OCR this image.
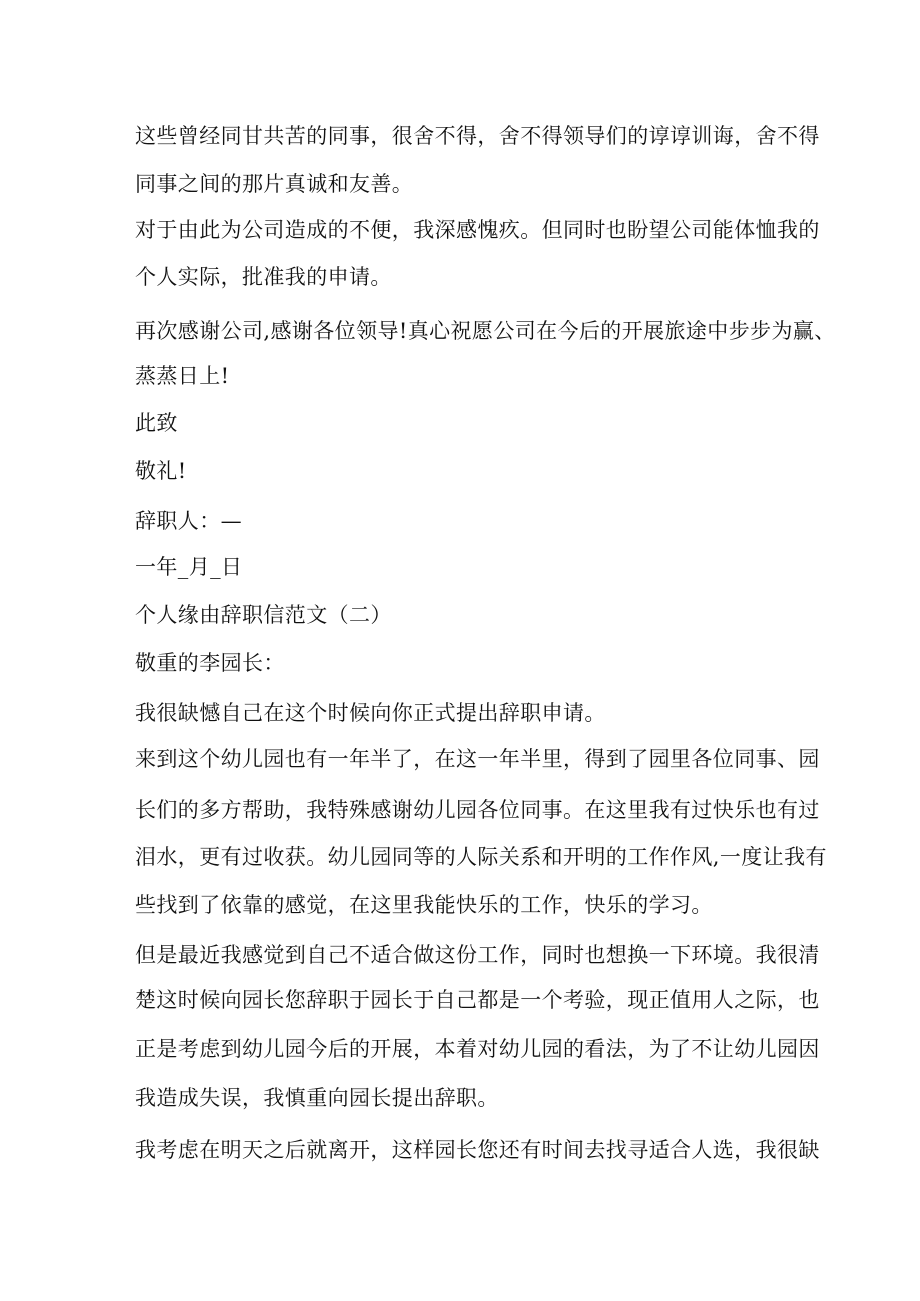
这些曾经同甘共苦的同事，很舍不得，舍不得领导们的谆谆训诲，舍不得
同事之间的那片真诚和友善。
对于由此为公司造成的不便，我深感愧疚。但同时也盼望公司能体恤我的
个人实际，批准我的申请。
再次感谢公司,感谢各位领导!真心祝愿公司在今后的开展旅途中步步为赢、
蒸蒸日上!
此致
敬礼!
辞职人：—
一年_月_日
个人缘由辞职信范文（二）
敬重的李园长：
我很缺憾自己在这个时候向你正式提出辞职申请。
来到这个幼儿园也有一年半了，在这一年半里，得到了园里各位同事、园
长们的多方帮助，我特殊感谢幼儿园各位同事。在这里我有过快乐也有过
泪水，更有过收获。幼儿园同等的人际关系和开明的工作作风,一度让我有
些找到了依靠的感觉，在这里我能快乐的工作，快乐的学习。
但是最近我感觉到自己不适合做这份工作，同时也想换一下环境。我很清
楚这时候向园长您辞职于园长于自己都是一个考验，现正值用人之际，也
正是考虑到幼儿园今后的开展，本着对幼儿园的看法，为了不让幼儿园因
我造成失误，我慎重向园长提出辞职。
我考虑在明天之后就离开，这样园长您还有时间去找寻适合人选，我很缺
